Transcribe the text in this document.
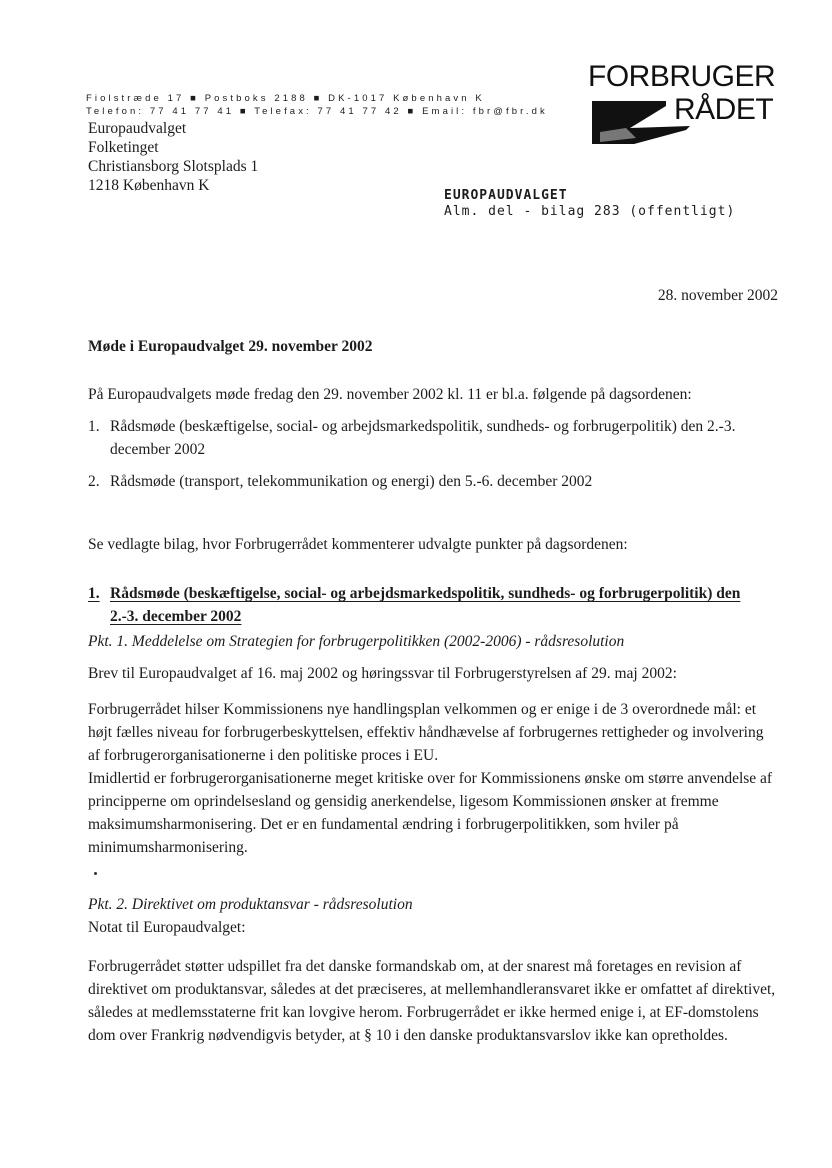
Fiolstræde 17 ■ Postboks 2188 ■ DK-1017 København K
Telefon: 77 41 77 41 ■ Telefax: 77 41 77 42 ■ Email: fbr@fbr.dk
FORBRUGER
RÅDET
Europaudvalget
Folketinget
Christiansborg Slotsplads 1
1218 København K
EUROPAUDVALGET
Alm. del - bilag 283 (offentligt)
28. november 2002
Møde i Europaudvalget 29. november 2002
På Europaudvalgets møde fredag den 29. november 2002 kl. 11 er bl.a. følgende på dagsordenen:
1. Rådsmøde (beskæftigelse, social- og arbejdsmarkedspolitik, sundheds- og forbrugerpolitik) den 2.-3. december 2002
2. Rådsmøde (transport, telekommunikation og energi) den 5.-6. december 2002
Se vedlagte bilag, hvor Forbrugerrådet kommenterer udvalgte punkter på dagsordenen:
1. Rådsmøde (beskæftigelse, social- og arbejdsmarkedspolitik, sundheds- og forbrugerpolitik) den 2.-3. december 2002
Pkt. 1. Meddelelse om Strategien for forbrugerpolitikken (2002-2006) - rådsresolution
Brev til Europaudvalget af 16. maj 2002 og høringssvar til Forbrugerstyrelsen af 29. maj 2002:
Forbrugerrådet hilser Kommissionens nye handlingsplan velkommen og er enige i de 3 overordnede mål: et højt fælles niveau for forbrugerbeskyttelsen, effektiv håndhævelse af forbrugernes rettigheder og involvering af forbrugerorganisationerne i den politiske proces i EU.
Imidlertid er forbrugerorganisationerne meget kritiske over for Kommissionens ønske om større anvendelse af principperne om oprindelsesland og gensidig anerkendelse, ligesom Kommissionen ønsker at fremme maksimumsharmonisering. Det er en fundamental ændring i forbrugerpolitikken, som hviler på minimumsharmonisering.
Pkt. 2. Direktivet om produktansvar - rådsresolution
Notat til Europaudvalget:
Forbrugerrådet støtter udspillet fra det danske formandskab om, at der snarest må foretages en revision af direktivet om produktansvar, således at det præciseres, at mellemhandleransvaret ikke er omfattet af direktivet, således at medlemsstaterne frit kan lovgive herom. Forbrugerrådet er ikke hermed enige i, at EF-domstolens dom over Frankrig nødvendigvis betyder, at § 10 i den danske produktansvarslov ikke kan opretholdes.
